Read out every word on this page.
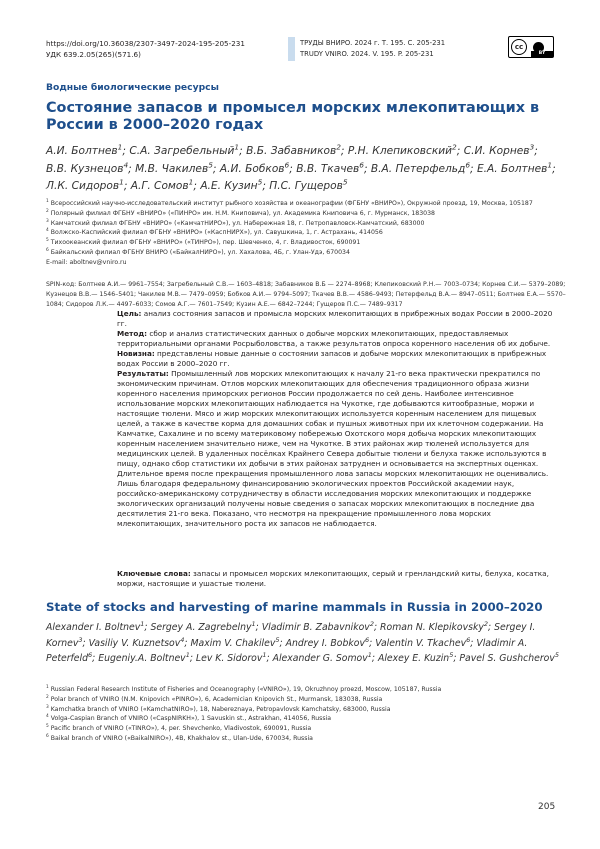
https://doi.org/10.36038/2307-3497-2024-195-205-231
УДК 639.2.05(265)(571.6)
ТРУДЫ ВНИРО. 2024 г. Т. 195. С. 205-231
TRUDY VNIRO. 2024. V. 195. P. 205-231
cc
BY
Водные биологические ресурсы
Состояние запасов и промысел морских млекопитающих в России в 2000–2020 годах
А.И. Болтнев$^1$; С.А. Загребельный$^1$; В.Б. Забавников$^2$; Р.Н. Клепиковский$^2$; С.И. Корнев$^3$; В.В. Кузнецов$^4$; М.В. Чакилев$^5$; А.И. Бобков$^6$; В.В. Ткачев$^6$; В.А. Петерфельд$^6$; Е.А. Болтнев$^1$; Л.К. Сидоров$^1$; А.Г. Сомов$^1$; А.Е. Кузин$^5$; П.С. Гущеров$^5$
$^1$ Всероссийский научно-исследовательский институт рыбного хозяйства и океанографии (ФГБНУ «ВНИРО»), Окружной проезд, 19, Москва, 105187
$^2$ Полярный филиал ФГБНУ «ВНИРО» («ПИНРО» им. Н.М. Книповича), ул. Академика Книповича 6, г. Мурманск, 183038
$^3$ Камчатский филиал ФГБНУ «ВНИРО» («КамчатНИРО»), ул. Набережная 18, г. Петропавловск-Камчатский, 683000
$^4$ Волжско-Каспийский филиал ФГБНУ «ВНИРО» («КаспНИРХ»), ул. Савушкина, 1, г. Астрахань, 414056
$^5$ Тихоокеанский филиал ФГБНУ «ВНИРО» («ТИНРО»), пер. Шевченко, 4, г. Владивосток, 690091
$^6$ Байкальский филиал ФГБНУ ВНИРО («БайкалНИРО»), ул. Хахалова, 4Б, г. Улан-Удэ, 670034
E-mail: aboltnev@vniro.ru
SPIN-код: Болтнев А.И.— 9961–7554; Загребельный С.В.— 1603–4818; Забавников В.Б — 2274–8968; Клепиковский Р.Н.— 7003–0734; Корнев С.И.— 5379–2089; Кузнецов В.В.— 1546–5401; Чакилев М.В.— 7479–0959; Бобков А.И.— 9794–5097; Ткачев В.В.— 4586–9493; Петерфельд В.А.— 8947–0511; Болтнев Е.А.— 5570–1084; Сидоров Л.К.— 4497–6033; Сомов А.Г.— 7601–7549; Кузин А.Е.— 6842–7244; Гущеров П.С.— 7489–9317

Цель: анализ состояния запасов и промысла морских млекопитающих в прибрежных водах России в 2000–2020 гг.

Метод: сбор и анализ статистических данных о добыче морских млекопитающих, предоставляемых территориальными органами Росрыболовства, а также результатов опроса коренного населения об их добыче.

Новизна: представлены новые данные о состоянии запасов и добыче морских млекопитающих в прибрежных водах России в 2000–2020 гг.

Результаты: Промышленный лов морских млекопитающих к началу 21-го века практически прекратился по экономическим причинам. Отлов морских млекопитающих для обеспечения традиционного образа жизни коренного населения приморских регионов России продолжается по сей день. Наиболее интенсивное использование морских млекопитающих наблюдается на Чукотке, где добываются китообразные, моржи и настоящие тюлени. Мясо и жир морских млекопитающих используется коренным населением для пищевых целей, а также в качестве корма для домашних собак и пушных животных при их клеточном содержании. На Камчатке, Сахалине и по всему материковому побережью Охотского моря добыча морских млекопитающих коренным населением значительно ниже, чем на Чукотке. В этих районах жир тюленей используется для медицинских целей. В удаленных посёлках Крайнего Севера добытые тюлени и белуха также используются в пищу, однако сбор статистики их добычи в этих районах затруднен и основывается на экспертных оценках. Длительное время после прекращения промышленного лова запасы морских млекопитающих не оценивались. Лишь благодаря федеральному финансированию экологических проектов Российской академии наук, российско-американскому сотрудничеству в области исследования морских млекопитающих и поддержке экологических организаций получены новые сведения о запасах морских млекопитающих в последние два десятилетия 21-го века. Показано, что несмотря на прекращение промышленного лова морских млекопитающих, значительного роста их запасов не наблюдается.

Ключевые слова: запасы и промысел морских млекопитающих, серый и гренландский киты, белуха, косатка, моржи, настоящие и ушастые тюлени.
State of stocks and harvesting of marine mammals in Russia in 2000–2020
Alexander I. Boltnev$^1$; Sergey A. Zagrebelny$^1$; Vladimir B. Zabavnikov$^2$; Roman N. Klepikovsky$^2$; Sergey I. Kornev$^3$; Vasiliy V. Kuznetsov$^4$; Maxim V. Chakilev$^5$; Andrey I. Bobkov$^6$; Valentin V. Tkachev$^6$; Vladimir A. Peterfeld$^6$; Eugeniy.A. Boltnev$^1$; Lev K. Sidorov$^1$; Alexander G. Somov$^1$; Alexey E. Kuzin$^5$; Pavel S. Gushcherov$^5$
$^1$ Russian Federal Research Institute of Fisheries and Oceanography («VNIRO»), 19, Okruzhnoy proezd, Moscow, 105187, Russia
$^2$ Polar branch of VNIRO (N.M. Knipovich «PINRO»), 6, Academician Knipovich St., Murmansk, 183038, Russia
$^3$ Kamchatka branch of VNIRO («KamchatNIRO»), 18, Nabereznaya, Petropavlovsk Kamchatsky, 683000, Russia
$^4$ Volga-Caspian Branch of VNIRO («CaspNIRKH»), 1 Savuskin st., Astrakhan, 414056, Russia
$^5$ Pacific branch of VNIRO («TINRO»), 4, per. Shevchenko, Vladivostok, 690091, Russia
$^6$ Baikal branch of VNIRO («BaikalNIRO»), 4B, Khakhalov st., Ulan-Ude, 670034, Russia
205
